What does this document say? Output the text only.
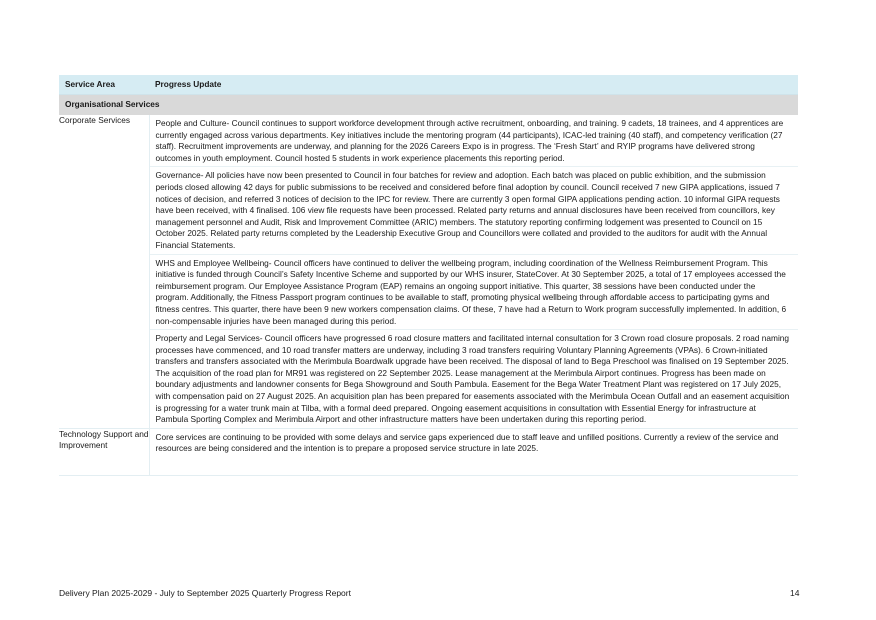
Service Area	Progress Update
Organisational Services	
Corporate Services	People and Culture- Council continues to support workforce development through active recruitment, onboarding, and training. 9 cadets, 18 trainees, and 4 apprentices are currently engaged across various departments. Key initiatives include the mentoring program (44 participants), ICAC-led training (40 staff), and competency verification (27 staff). Recruitment improvements are underway, and planning for the 2026 Careers Expo is in progress. The ‘Fresh Start’ and RYIP programs have delivered strong outcomes in youth employment. Council hosted 5 students in work experience placements this reporting period.

Governance- All policies have now been presented to Council in four batches for review and adoption. Each batch was placed on public exhibition, and the submission periods closed allowing 42 days for public submissions to be received and considered before final adoption by council. Council received 7 new GIPA applications, issued 7 notices of decision, and referred 3 notices of decision to the IPC for review. There are currently 3 open formal GIPA applications pending action. 10 informal GIPA requests have been received, with 4 finalised. 106 view file requests have been processed. Related party returns and annual disclosures have been received from councillors, key management personnel and Audit, Risk and Improvement Committee (ARIC) members. The statutory reporting confirming lodgement was presented to Council on 15 October 2025. Related party returns completed by the Leadership Executive Group and Councillors were collated and provided to the auditors for audit with the Annual Financial Statements.

WHS and Employee Wellbeing- Council officers have continued to deliver the wellbeing program, including coordination of the Wellness Reimbursement Program. This initiative is funded through Council’s Safety Incentive Scheme and supported by our WHS insurer, StateCover. At 30 September 2025, a total of 17 employees accessed the reimbursement program. Our Employee Assistance Program (EAP) remains an ongoing support initiative. This quarter, 38 sessions have been conducted under the program. Additionally, the Fitness Passport program continues to be available to staff, promoting physical wellbeing through affordable access to participating gyms and fitness centres. This quarter, there have been 9 new workers compensation claims. Of these, 7 have had a Return to Work program successfully implemented. In addition, 6 non-compensable injuries have been managed during this period.

Property and Legal Services- Council officers have progressed 6 road closure matters and facilitated internal consultation for 3 Crown road closure proposals. 2 road naming processes have commenced, and 10 road transfer matters are underway, including 3 road transfers requiring Voluntary Planning Agreements (VPAs). 6 Crown-initiated transfers and transfers associated with the Merimbula Boardwalk upgrade have been received. The disposal of land to Bega Preschool was finalised on 19 September 2025. The acquisition of the road plan for MR91 was registered on 22 September 2025. Lease management at the Merimbula Airport continues. Progress has been made on boundary adjustments and landowner consents for Bega Showground and South Pambula. Easement for the Bega Water Treatment Plant was registered on 17 July 2025, with compensation paid on 27 August 2025. An acquisition plan has been prepared for easements associated with the Merimbula Ocean Outfall and an easement acquisition is progressing for a water trunk main at Tilba, with a formal deed prepared. Ongoing easement acquisitions in consultation with Essential Energy for infrastructure at Pambula Sporting Complex and Merimbula Airport and other infrastructure matters have been undertaken during this reporting period.

Technology Support and Improvement	Core services are continuing to be provided with some delays and service gaps experienced due to staff leave and unfilled positions. Currently a review of the service and resources are being considered and the intention is to prepare a proposed service structure in late 2025.

Delivery Plan 2025-2029 - July to September 2025 Quarterly Progress Report	14
